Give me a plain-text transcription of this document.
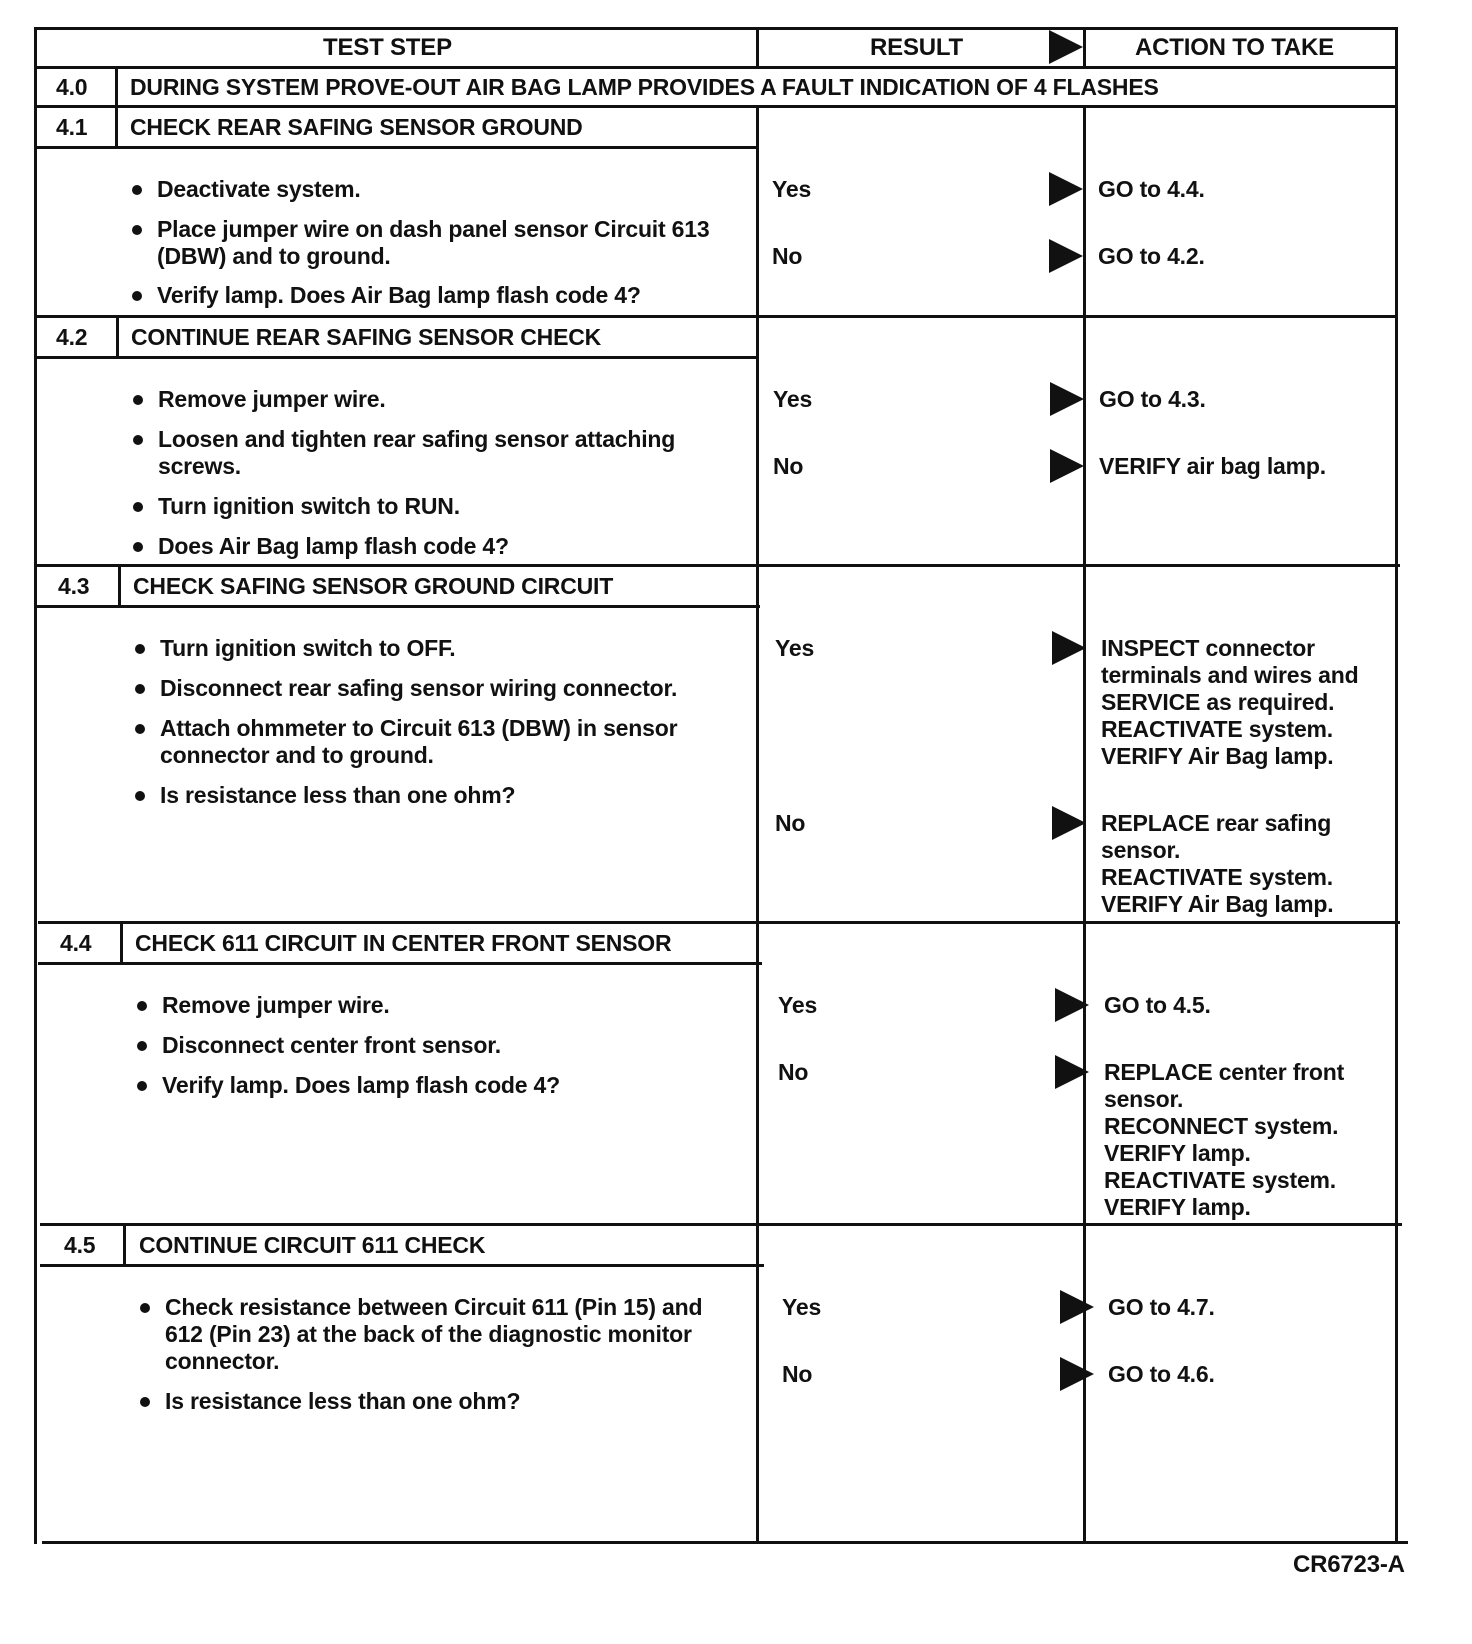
TEST STEP	RESULT	ACTION TO TAKE
4.0 DURING SYSTEM PROVE-OUT AIR BAG LAMP PROVIDES A FAULT INDICATION OF 4 FLASHES
4.1 CHECK REAR SAFING SENSOR GROUND
Deactivate system.
Place jumper wire on dash panel sensor Circuit 613
(DBW) and to ground.
Verify lamp. Does Air Bag lamp flash code 4?
Yes	GO to 4.4.
No	GO to 4.2.
4.2 CONTINUE REAR SAFING SENSOR CHECK
Remove jumper wire.
Loosen and tighten rear safing sensor attaching
screws.
Turn ignition switch to RUN.
Does Air Bag lamp flash code 4?
Yes	GO to 4.3.
No	VERIFY air bag lamp.
4.3 CHECK SAFING SENSOR GROUND CIRCUIT
Turn ignition switch to OFF.
Disconnect rear safing sensor wiring connector.
Attach ohmmeter to Circuit 613 (DBW) in sensor
connector and to ground.
Is resistance less than one ohm?
Yes	INSPECT connector
terminals and wires and
SERVICE as required.
REACTIVATE system.
VERIFY Air Bag lamp.
No	REPLACE rear safing
sensor.
REACTIVATE system.
VERIFY Air Bag lamp.
4.4 CHECK 611 CIRCUIT IN CENTER FRONT SENSOR
Remove jumper wire.
Disconnect center front sensor.
Verify lamp. Does lamp flash code 4?
Yes	GO to 4.5.
No	REPLACE center front
sensor.
RECONNECT system.
VERIFY lamp.
REACTIVATE system.
VERIFY lamp.
4.5 CONTINUE CIRCUIT 611 CHECK
Check resistance between Circuit 611 (Pin 15) and
612 (Pin 23) at the back of the diagnostic monitor
connector.
Is resistance less than one ohm?
Yes	GO to 4.7.
No	GO to 4.6.
CR6723-A
